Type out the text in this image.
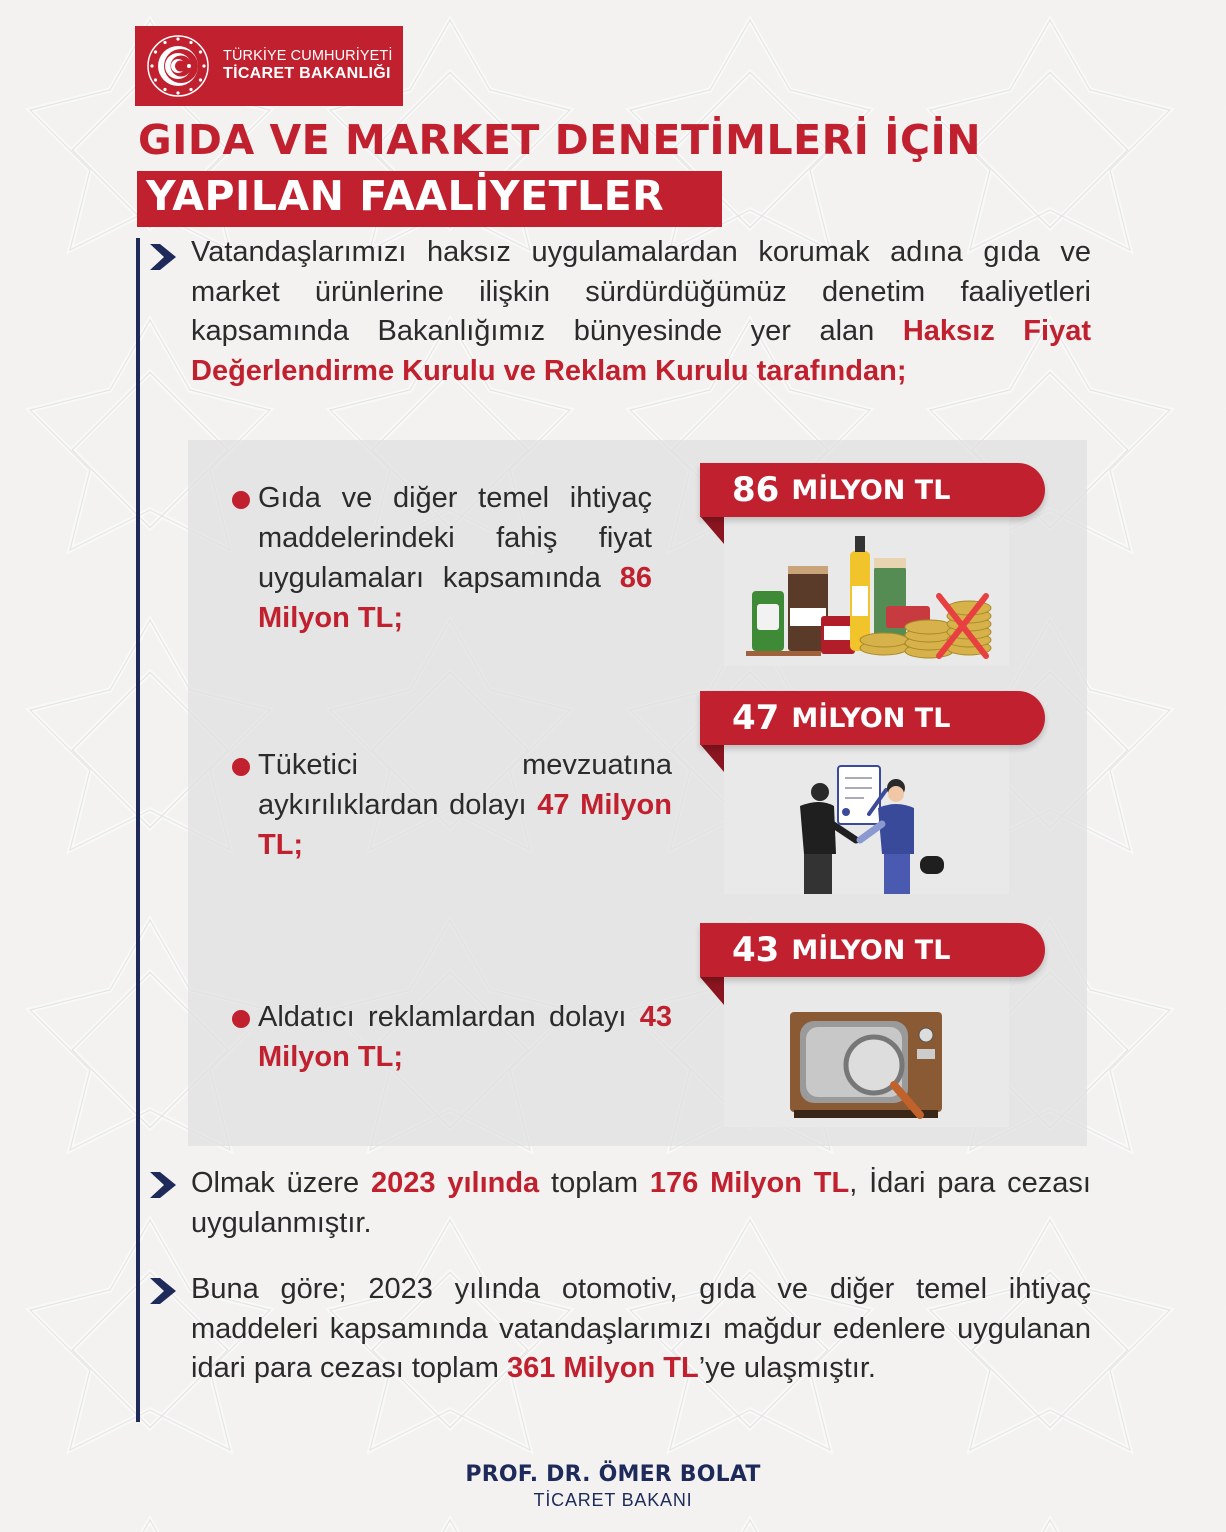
TÜRKİYE CUMHURİYETİ
TİCARET BAKANLIĞI
GIDA VE MARKET DENETİMLERİ İÇİN
YAPILAN FAALİYETLER
Vatandaşlarımızı haksız uygulamalardan korumak adına gıda ve market ürünlerine ilişkin sürdürdüğümüz denetim faaliyetleri kapsamında Bakanlığımız bünyesinde yer alan Haksız Fiyat Değerlendirme Kurulu ve Reklam Kurulu tarafından;
Gıda ve diğer temel ihtiyaç maddelerindeki fahiş fiyat uygulamaları kapsamında 86 Milyon TL;
86 MİLYON TL
Tüketici mevzuatına aykırılıklardan dolayı 47 Milyon TL;
47 MİLYON TL
Aldatıcı reklamlardan dolayı 43 Milyon TL;
43 MİLYON TL
Olmak üzere 2023 yılında toplam 176 Milyon TL, İdari para cezası uygulanmıştır.
Buna göre; 2023 yılında otomotiv, gıda ve diğer temel ihtiyaç maddeleri kapsamında vatandaşlarımızı mağdur edenlere uygulanan idari para cezası toplam 361 Milyon TL’ye ulaşmıştır.
PROF. DR. ÖMER BOLAT
TİCARET BAKANI
